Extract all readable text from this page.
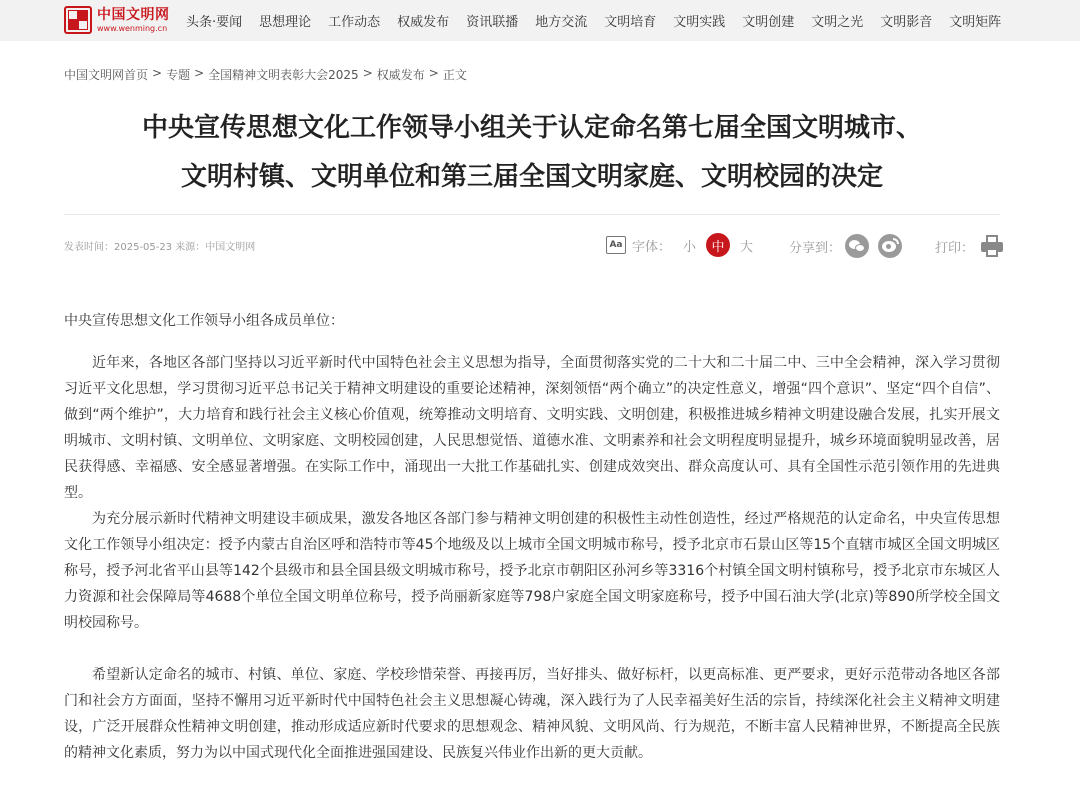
中国文明网
www.wenming.cn 头条·要闻 思想理论 工作动态 权威发布 资讯联播 地方交流 文明培育 文明实践 文明创建 文明之光 文明影音 文明矩阵
中国文明网首页 > 专题 > 全国精神文明表彰大会2025 > 权威发布 > 正文
中央宣传思想文化工作领导小组关于认定命名第七届全国文明城市、
文明村镇、文明单位和第三届全国文明家庭、文明校园的决定
发表时间：2025-05-23 来源：中国文明网	Aa 字体： 小	中	大	分享到：	打印：
中央宣传思想文化工作领导小组各成员单位：

近年来，各地区各部门坚持以习近平新时代中国特色社会主义思想为指导，全面贯彻落实党的二十大和二十届二中、三中全会精神，深入学习贯彻习近平文化思想，学习贯彻习近平总书记关于精神文明建设的重要论述精神，深刻领悟“两个确立”的决定性意义，增强“四个意识”、坚定“四个自信”、做到“两个维护”，大力培育和践行社会主义核心价值观，统筹推动文明培育、文明实践、文明创建，积极推进城乡精神文明建设融合发展，扎实开展文明城市、文明村镇、文明单位、文明家庭、文明校园创建，人民思想觉悟、道德水准、文明素养和社会文明程度明显提升，城乡环境面貌明显改善，居民获得感、幸福感、安全感显著增强。在实际工作中，涌现出一大批工作基础扎实、创建成效突出、群众高度认可、具有全国性示范引领作用的先进典型。

为充分展示新时代精神文明建设丰硕成果，激发各地区各部门参与精神文明创建的积极性主动性创造性，经过严格规范的认定命名，中央宣传思想文化工作领导小组决定：授予内蒙古自治区呼和浩特市等45个地级及以上城市全国文明城市称号，授予北京市石景山区等15个直辖市城区全国文明城区称号，授予河北省平山县等142个县级市和县全国县级文明城市称号，授予北京市朝阳区孙河乡等3316个村镇全国文明村镇称号，授予北京市东城区人力资源和社会保障局等4688个单位全国文明单位称号，授予尚丽新家庭等798户家庭全国文明家庭称号，授予中国石油大学(北京)等890所学校全国文明校园称号。

希望新认定命名的城市、村镇、单位、家庭、学校珍惜荣誉、再接再厉，当好排头、做好标杆，以更高标准、更严要求，更好示范带动各地区各部门和社会方方面面，坚持不懈用习近平新时代中国特色社会主义思想凝心铸魂，深入践行为了人民幸福美好生活的宗旨，持续深化社会主义精神文明建设，广泛开展群众性精神文明创建，推动形成适应新时代要求的思想观念、精神风貌、文明风尚、行为规范，不断丰富人民精神世界，不断提高全民族的精神文化素质，努力为以中国式现代化全面推进强国建设、民族复兴伟业作出新的更大贡献。
